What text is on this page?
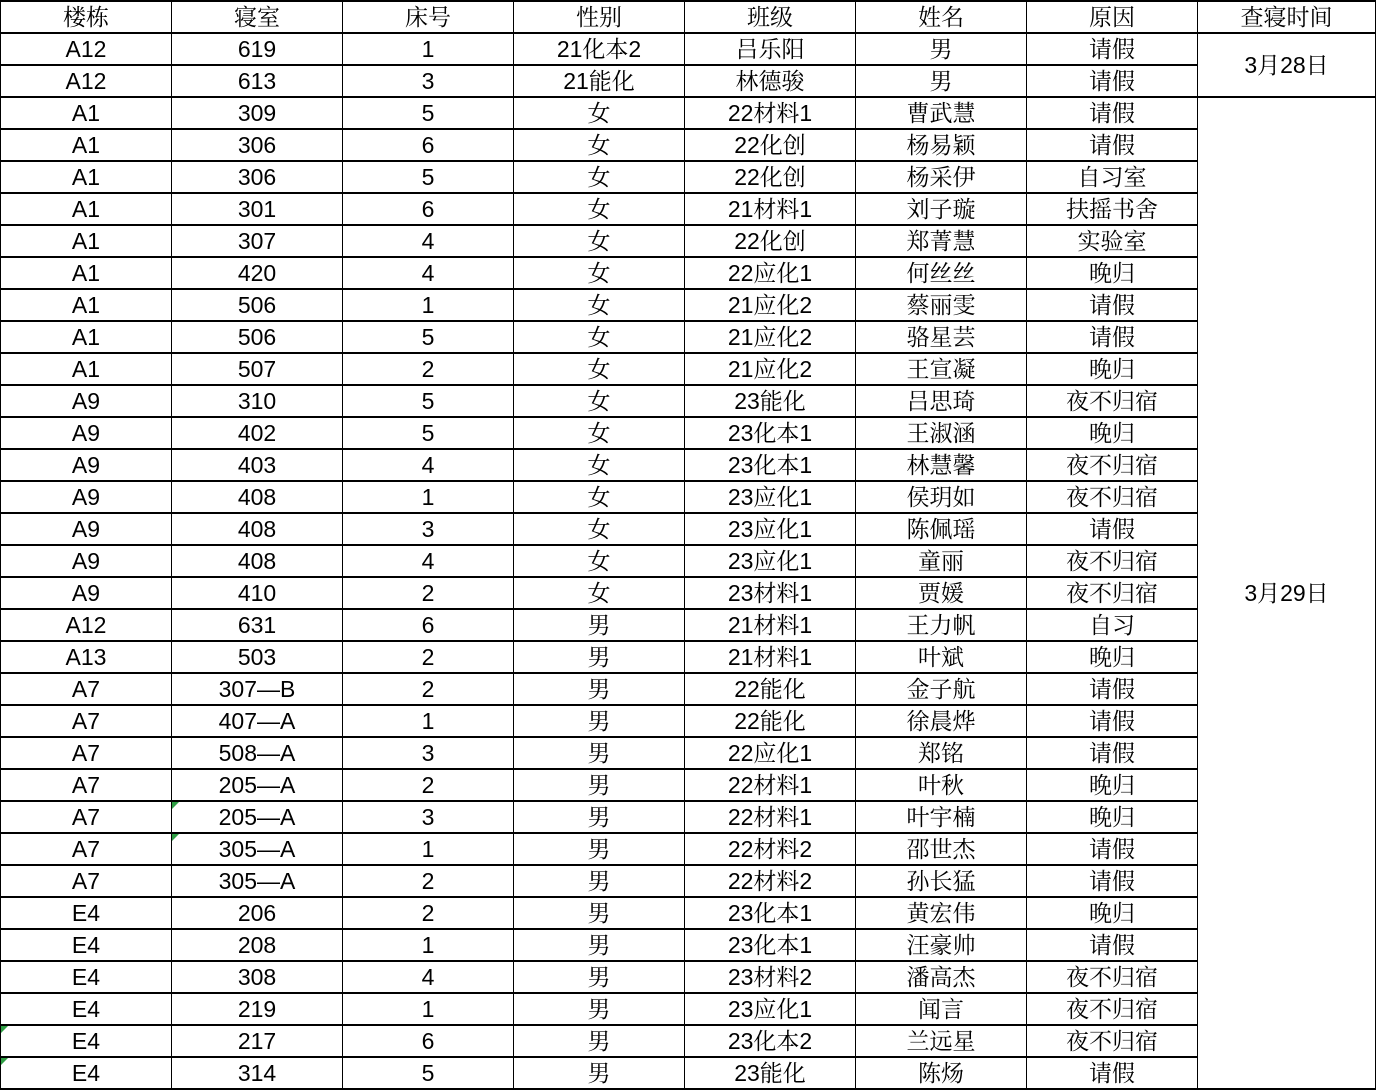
楼栋	寝室	床号	性别	班级	姓名	原因	查寝时间
A12	619	1	21化本2	吕乐阳	男	请假	3月28日
A12	613	3	21能化	林德骏	男	请假	
A1	309	5	女	22材料1	曹武慧	请假	3月29日
A1	306	6	女	22化创	杨易颖	请假	
A1	306	5	女	22化创	杨采伊	自习室	
A1	301	6	女	21材料1	刘子璇	扶摇书舍	
A1	307	4	女	22化创	郑菁慧	实验室	
A1	420	4	女	22应化1	何丝丝	晚归	
A1	506	1	女	21应化2	蔡丽雯	请假	
A1	506	5	女	21应化2	骆星芸	请假	
A1	507	2	女	21应化2	王宣凝	晚归	
A9	310	5	女	23能化	吕思琦	夜不归宿	
A9	402	5	女	23化本1	王淑涵	晚归	
A9	403	4	女	23化本1	林慧馨	夜不归宿	
A9	408	1	女	23应化1	侯玥如	夜不归宿	
A9	408	3	女	23应化1	陈佩瑶	请假	
A9	408	4	女	23应化1	童丽	夜不归宿	
A9	410	2	女	23材料1	贾媛	夜不归宿	
A12	631	6	男	21材料1	王力帆	自习	
A13	503	2	男	21材料1	叶斌	晚归	
A7	307—B	2	男	22能化	金子航	请假	
A7	407—A	1	男	22能化	徐晨烨	请假	
A7	508—A	3	男	22应化1	郑铭	请假	
A7	205—A	2	男	22材料1	叶秋	晚归	
A7	205—A	3	男	22材料1	叶宇楠	晚归	
A7	305—A	1	男	22材料2	邵世杰	请假	
A7	305—A	2	男	22材料2	孙长猛	请假	
E4	206	2	男	23化本1	黄宏伟	晚归	
E4	208	1	男	23化本1	汪豪帅	请假	
E4	308	4	男	23材料2	潘高杰	夜不归宿	
E4	219	1	男	23应化1	闻言	夜不归宿	
E4	217	6	男	23化本2	兰远星	夜不归宿	
E4	314	5	男	23能化	陈炀	请假	
